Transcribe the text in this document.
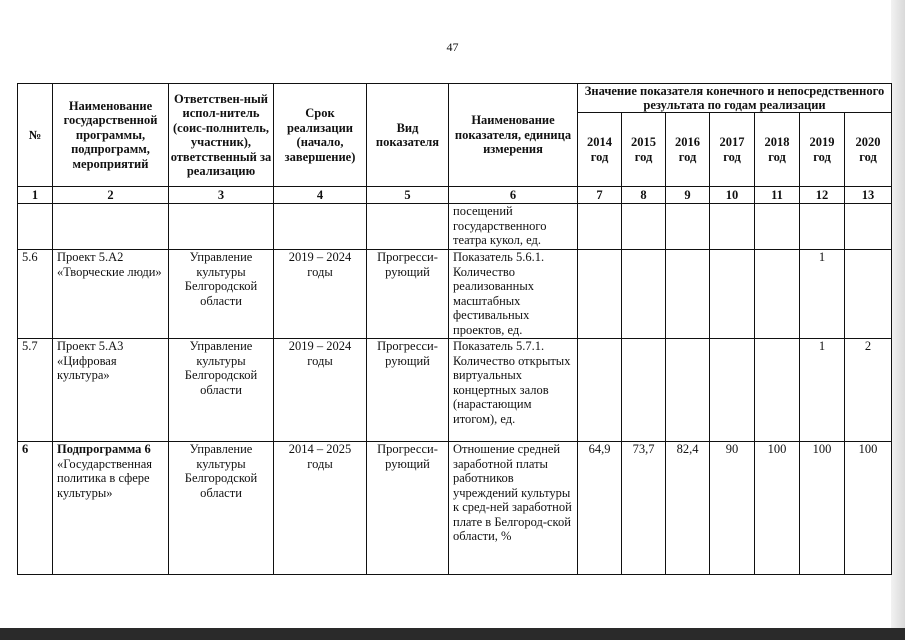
47
№	Наименование государственной программы, подпрограмм, мероприятий	Ответствен-ный испол-нитель (соис-полнитель, участник), ответственный за реализацию	Срок реализации (начало, завершение)	Вид показателя	Наименование показателя, единица измерения	Значение показателя конечного и непосредственного результата по годам реализации						
						2014 год	2015 год	2016 год	2017 год	2018 год	2019 год	2020 год
1	2	3	4	5	6	7	8	9	10	11	12	13
					посещений государственного театра кукол, ед.							
5.6	Проект 5.А2 «Творческие люди»	Управление культуры Белгородской области	2019 – 2024 годы	Прогресси-рующий	Показатель 5.6.1. Количество реализованных масштабных фестивальных проектов, ед.						1	
5.7	Проект 5.А3 «Цифровая культура»	Управление культуры Белгородской области	2019 – 2024 годы	Прогресси-рующий	Показатель 5.7.1. Количество открытых виртуальных концертных залов (нарастающим итогом), ед.						1	2
6	Подпрограмма 6 «Государственная политика в сфере культуры»	Управление культуры Белгородской области	2014 – 2025 годы	Прогресси-рующий	Отношение средней заработной платы работников учреждений культуры к сред-ней заработной плате в Белгород-ской области, %	64,9	73,7	82,4	90	100	100	100
